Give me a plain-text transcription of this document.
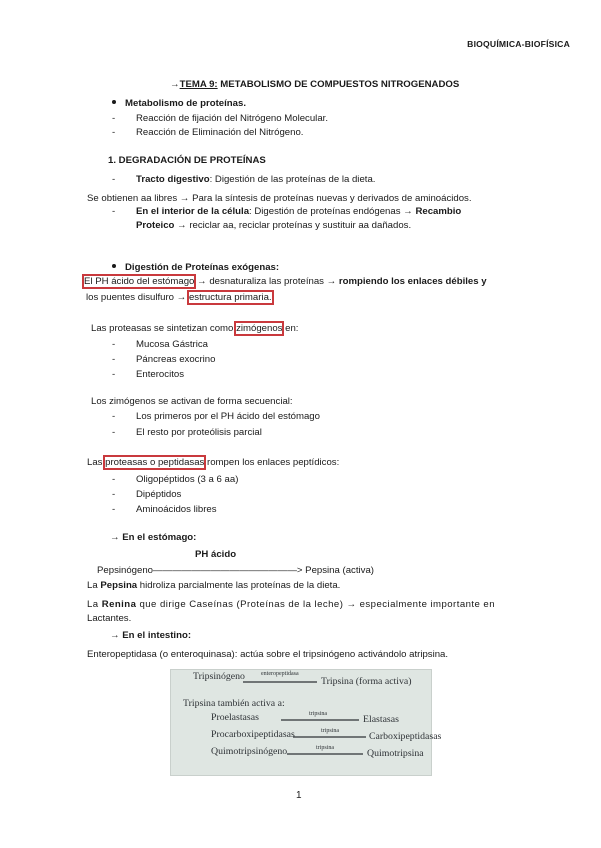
BIOQUÍMICA-BIOFÍSICA
→TEMA 9: METABOLISMO DE COMPUESTOS NITROGENADOS
Metabolismo de proteínas.
- Reacción de fijación del Nitrógeno Molecular.
- Reacción de Eliminación del Nitrógeno.
1. DEGRADACIÓN DE PROTEÍNAS
- Tracto digestivo: Digestión de las proteínas de la dieta.
Se obtienen aa libres → Para la síntesis de proteínas nuevas y derivados de aminoácidos.
- En el interior de la célula: Digestión de proteínas endógenas → Recambio
Proteico → reciclar aa, reciclar proteínas y sustituir aa dañados.
Digestión de Proteínas exógenas:
El PH ácido del estómago → desnaturaliza las proteínas → rompiendo los enlaces débiles y
los puentes disulfuro → estructura primaria.
Las proteasas se sintetizan como zimógenos en:
- Mucosa Gástrica
- Páncreas exocrino
- Enterocitos
Los zimógenos se activan de forma secuencial:
- Los primeros por el PH ácido del estómago
- El resto por proteólisis parcial
Las proteasas o peptidasas rompen los enlaces peptídicos:
- Oligopéptidos (3 a 6 aa)
- Dipéptidos
- Aminoácidos libres
→ En el estómago:
PH ácido
Pepsinógeno———————————————> Pepsina (activa)
La Pepsina hidroliza parcialmente las proteínas de la dieta.
La Renina que dirige Caseínas (Proteínas de la leche) → especialmente importante en
Lactantes.
→ En el intestino:
Enteropeptidasa (o enteroquinasa): actúa sobre el tripsinógeno activándolo atripsina.
Tripsinógeno	enteropeptidasa
Tripsina (forma activa)
Tripsina también activa a:
Proelastasas	tripsina	Elastasas
Procarboxipeptidasas	tripsina	Carboxipeptidasas
Quimotripsinógeno	tripsina	Quimotripsina
1
